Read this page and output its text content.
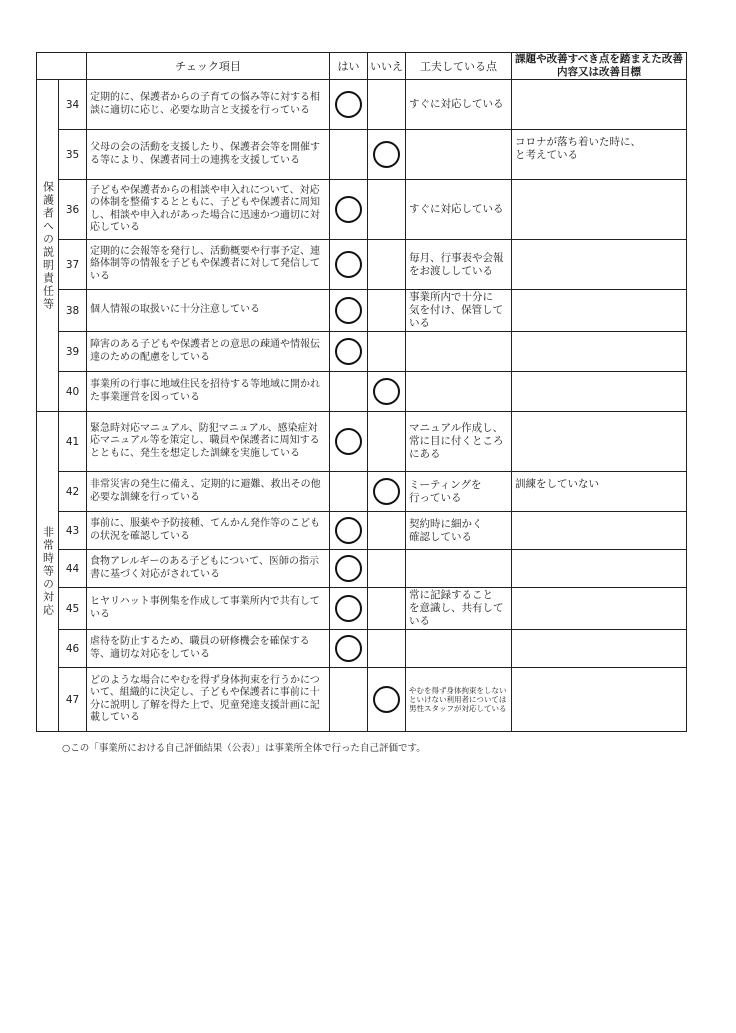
		チェック項目	はい	いいえ	工夫している点	課題や改善すべき点を踏まえた改善内容又は改善目標
保護者への説明責任等	34	定期的に、保護者からの子育ての悩み等に対する相談に適切に応じ、必要な助言と支援を行っている			すぐに対応している	
	35	父母の会の活動を支援したり、保護者会等を開催する等により、保護者同士の連携を支援している				コロナが落ち着いた時に、
と考えている
	36	子どもや保護者からの相談や申入れについて、対応の体制を整備するとともに、子どもや保護者に周知し、相談や申入れがあった場合に迅速かつ適切に対応している			すぐに対応している	
	37	定期的に会報等を発行し、活動概要や行事予定、連絡体制等の情報を子どもや保護者に対して発信している			毎月、行事表や会報
をお渡ししている	
	38	個人情報の取扱いに十分注意している			事業所内で十分に
気を付け、保管している	
	39	障害のある子どもや保護者との意思の疎通や情報伝達のための配慮をしている				
	40	事業所の行事に地域住民を招待する等地域に開かれた事業運営を図っている				
非常時等の対応	41	緊急時対応マニュアル、防犯マニュアル、感染症対応マニュアル等を策定し、職員や保護者に周知するとともに、発生を想定した訓練を実施している			マニュアル作成し、
常に目に付くところ
にある	
	42	非常災害の発生に備え、定期的に避難、救出その他必要な訓練を行っている			ミーティングを
行っている	訓練をしていない
	43	事前に、服薬や予防接種、てんかん発作等のこどもの状況を確認している			契約時に細かく
確認している	
	44	食物アレルギーのある子どもについて、医師の指示書に基づく対応がされている				
	45	ヒヤリハット事例集を作成して事業所内で共有している			常に記録すること
を意識し、共有している	
	46	虐待を防止するため、職員の研修機会を確保する等、適切な対応をしている				
	47	どのような場合にやむを得ず身体拘束を行うかについて、組織的に決定し、子どもや保護者に事前に十分に説明し了解を得た上で、児童発達支援計画に記載している			やむを得ず身体拘束をしない
といけない利用者については
男性スタッフが対応している	
○この「事業所における自己評価結果（公表）」は事業所全体で行った自己評価です。
